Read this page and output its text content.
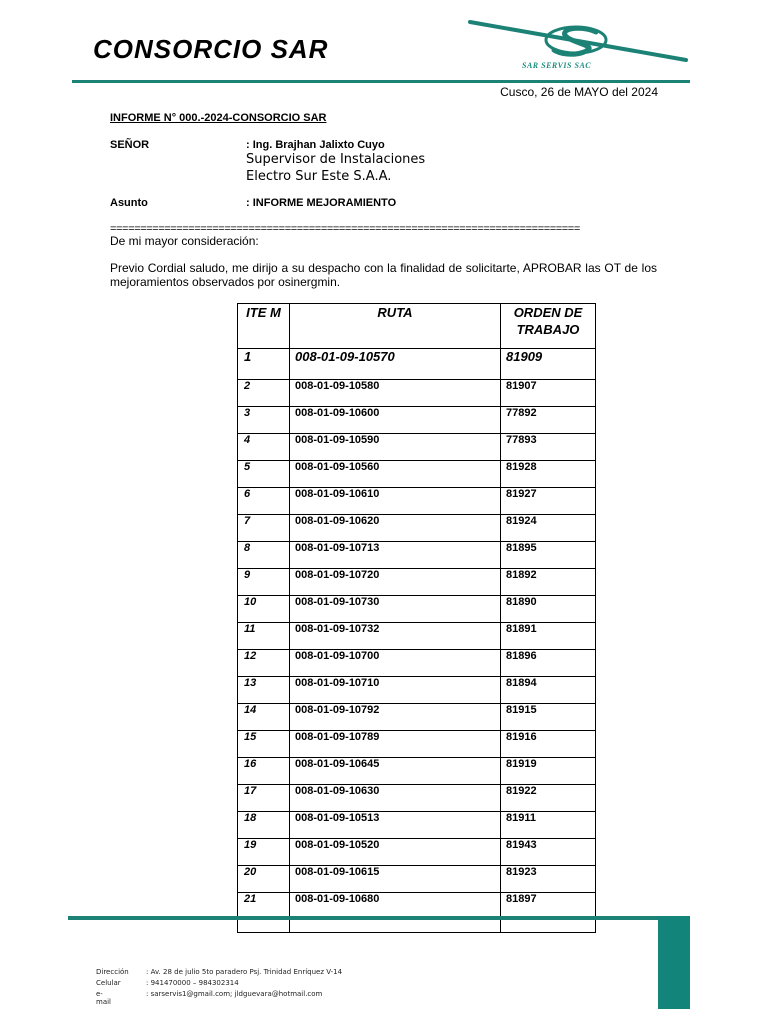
CONSORCIO SAR
SAR SERVIS SAC
Cusco, 26 de MAYO del 2024
INFORME N° 000.-2024-CONSORCIO SAR
SEÑOR	: Ing. Brajhan Jalixto Cuyo
Supervisor de Instalaciones
Electro Sur Este S.A.A.
Asunto	: INFORME MEJORAMIENTO
==============================================================================
De mi mayor consideración:
Previo Cordial saludo, me dirijo a su despacho con la finalidad de solicitarte, APROBAR las OT de los mejoramientos observados por osinergmin.
ITE M	RUTA	ORDEN DE TRABAJO
1	008-01-09-10570	81909
2	008-01-09-10580	81907
3	008-01-09-10600	77892
4	008-01-09-10590	77893
5	008-01-09-10560	81928
6	008-01-09-10610	81927
7	008-01-09-10620	81924
8	008-01-09-10713	81895
9	008-01-09-10720	81892
10	008-01-09-10730	81890
11	008-01-09-10732	81891
12	008-01-09-10700	81896
13	008-01-09-10710	81894
14	008-01-09-10792	81915
15	008-01-09-10789	81916
16	008-01-09-10645	81919
17	008-01-09-10630	81922
18	008-01-09-10513	81911
19	008-01-09-10520	81943
20	008-01-09-10615	81923
21	008-01-09-10680	81897

Dirección : Av. 28 de julio 5to paradero Psj. Trinidad Enríquez V-14
Celular	: 941470000 – 984302314
e-mail
: sarservis1@gmail.com; jldguevara@hotmail.com
